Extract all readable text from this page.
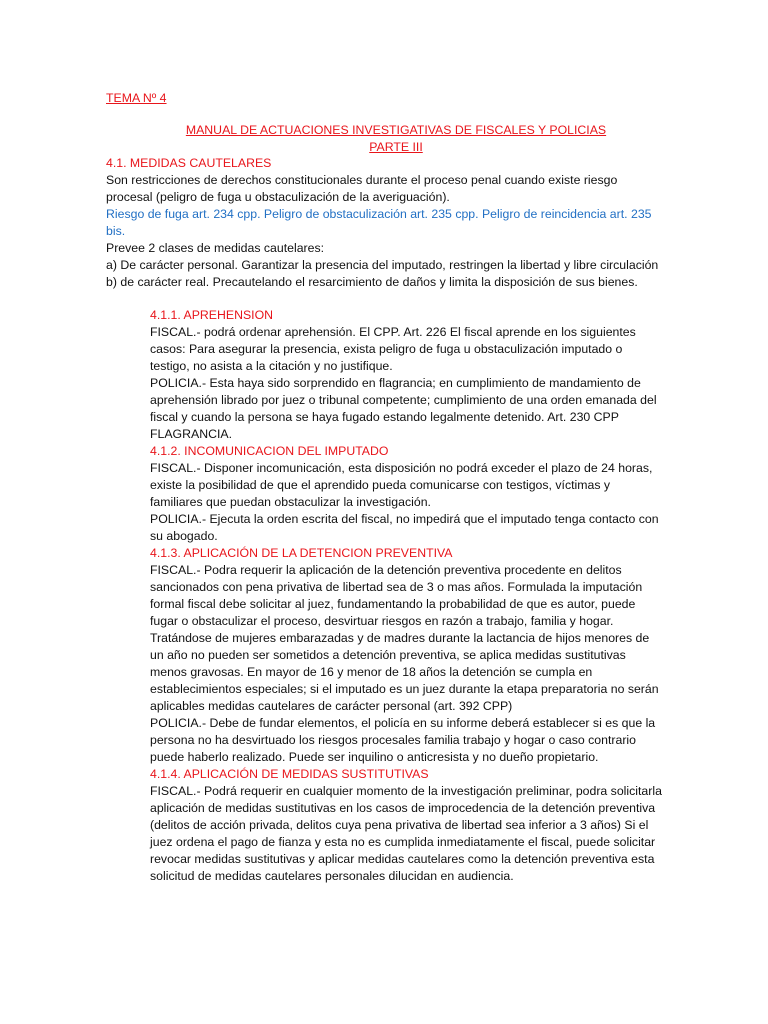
TEMA Nº 4
MANUAL DE ACTUACIONES INVESTIGATIVAS DE FISCALES Y POLICIAS
PARTE III

4.1. MEDIDAS CAUTELARES

Son restricciones de derechos constitucionales durante el proceso penal cuando existe riesgo procesal (peligro de fuga u obstaculización de la averiguación).

Riesgo de fuga art. 234 cpp. Peligro de obstaculización art. 235 cpp. Peligro de reincidencia art. 235 bis.

Prevee 2 clases de medidas cautelares:

a) De carácter personal. Garantizar la presencia del imputado, restringen la libertad y libre circulación

b) de carácter real. Precautelando el resarcimiento de daños y limita la disposición de sus bienes.

4.1.1. APREHENSION

FISCAL.- podrá ordenar aprehensión. El CPP. Art. 226 El fiscal aprende en los siguientes casos: Para asegurar la presencia, exista peligro de fuga u obstaculización imputado o testigo, no asista a la citación y no justifique.

POLICIA.- Esta haya sido sorprendido en flagrancia; en cumplimiento de mandamiento de aprehensión librado por juez o tribunal competente; cumplimiento de una orden emanada del fiscal y cuando la persona se haya fugado estando legalmente detenido. Art. 230 CPP FLAGRANCIA.

4.1.2. INCOMUNICACION DEL IMPUTADO

FISCAL.- Disponer incomunicación, esta disposición no podrá exceder el plazo de 24 horas, existe la posibilidad de que el aprendido pueda comunicarse con testigos, víctimas y familiares que puedan obstaculizar la investigación.

POLICIA.- Ejecuta la orden escrita del fiscal, no impedirá que el imputado tenga contacto con su abogado.

4.1.3. APLICACIÓN DE LA DETENCION PREVENTIVA

FISCAL.- Podra requerir la aplicación de la detención preventiva procedente en delitos sancionados con pena privativa de libertad sea de 3 o mas años. Formulada la imputación formal fiscal debe solicitar al juez, fundamentando la probabilidad de que es autor, puede fugar o obstaculizar el proceso, desvirtuar riesgos en razón a trabajo, familia y hogar. Tratándose de mujeres embarazadas y de madres durante la lactancia de hijos menores de un año no pueden ser sometidos a detención preventiva, se aplica medidas sustitutivas menos gravosas. En mayor de 16 y menor de 18 años la detención se cumpla en establecimientos especiales; si el imputado es un juez durante la etapa preparatoria no serán aplicables medidas cautelares de carácter personal (art. 392 CPP)

POLICIA.- Debe de fundar elementos, el policía en su informe deberá establecer si es que la persona no ha desvirtuado los riesgos procesales familia trabajo y hogar o caso contrario puede haberlo realizado. Puede ser inquilino o anticresista y no dueño propietario.

4.1.4. APLICACIÓN DE MEDIDAS SUSTITUTIVAS

FISCAL.- Podrá requerir en cualquier momento de la investigación preliminar, podra solicitarla aplicación de medidas sustitutivas en los casos de improcedencia de la detención preventiva (delitos de acción privada, delitos cuya pena privativa de libertad sea inferior a 3 años) Si el juez ordena el pago de fianza y esta no es cumplida inmediatamente el fiscal, puede solicitar revocar medidas sustitutivas y aplicar medidas cautelares como la detención preventiva esta solicitud de medidas cautelares personales dilucidan en audiencia.
